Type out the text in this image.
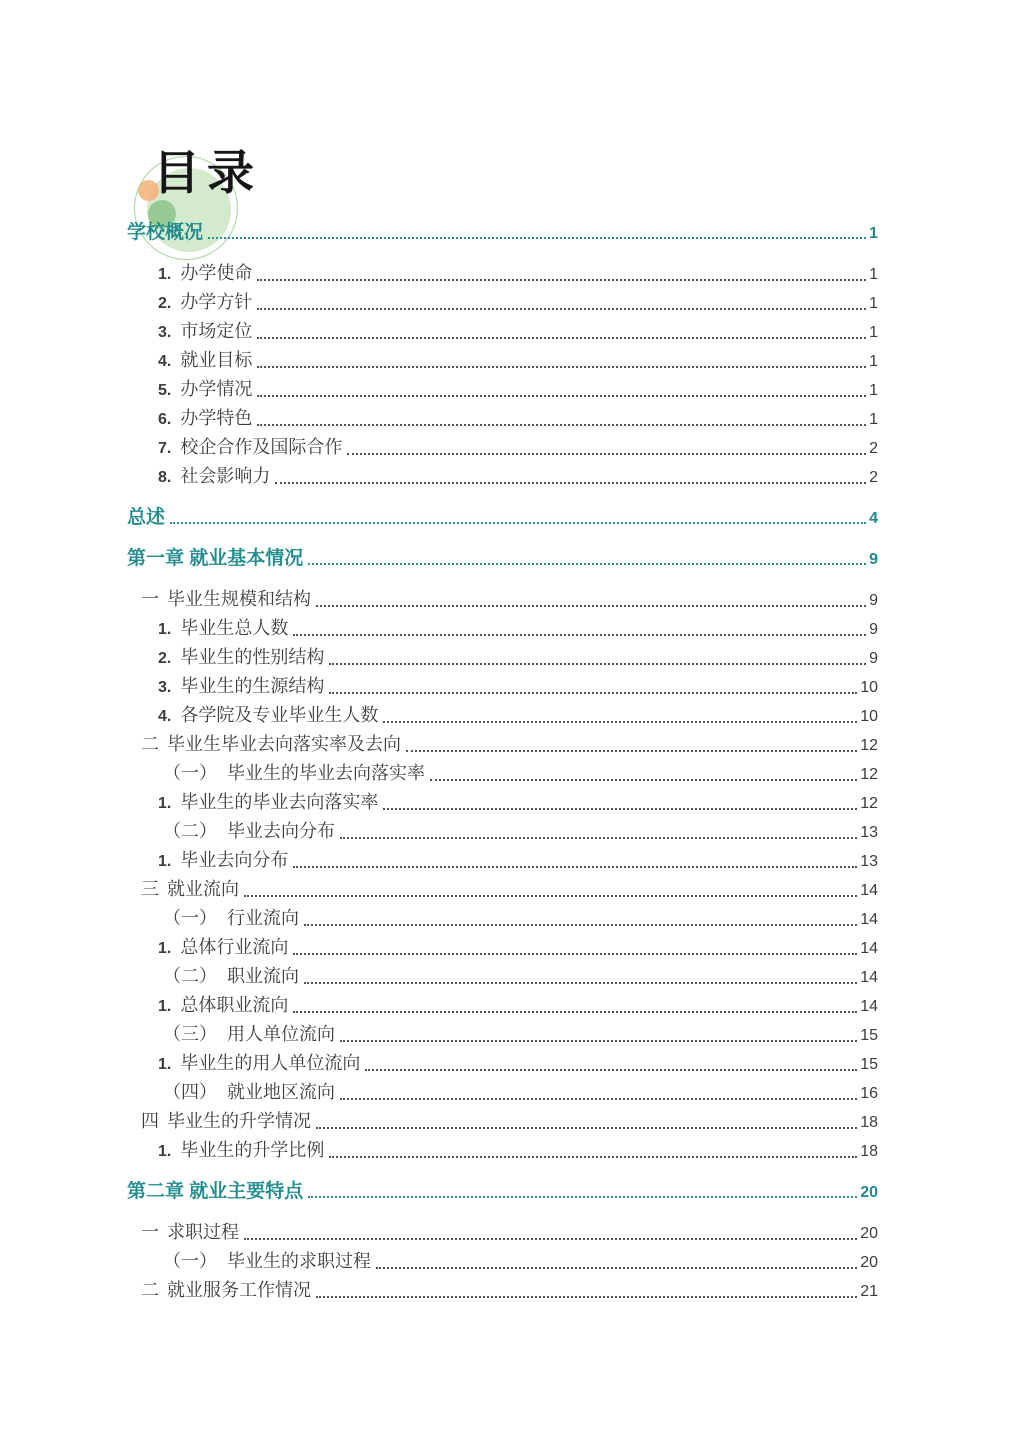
目录
学校概况	1
1. 办学使命	1
2. 办学方针	1
3. 市场定位	1
4. 就业目标	1
5. 办学情况	1
6. 办学特色	1
7. 校企合作及国际合作	2
8. 社会影响力	2
总述	4
第一章 就业基本情况	9
一 毕业生规模和结构	9
1. 毕业生总人数	9
2. 毕业生的性别结构	9
3. 毕业生的生源结构	10
4. 各学院及专业毕业生人数	10
二 毕业生毕业去向落实率及去向	12
（一） 毕业生的毕业去向落实率	12
1. 毕业生的毕业去向落实率	12
（二） 毕业去向分布	13
1. 毕业去向分布	13
三 就业流向	14
（一） 行业流向	14
1. 总体行业流向	14
（二） 职业流向	14
1. 总体职业流向	14
（三） 用人单位流向	15
1. 毕业生的用人单位流向	15
（四） 就业地区流向	16
四 毕业生的升学情况	18
1. 毕业生的升学比例	18
第二章 就业主要特点	20
一 求职过程	20
（一） 毕业生的求职过程	20
二 就业服务工作情况	21
